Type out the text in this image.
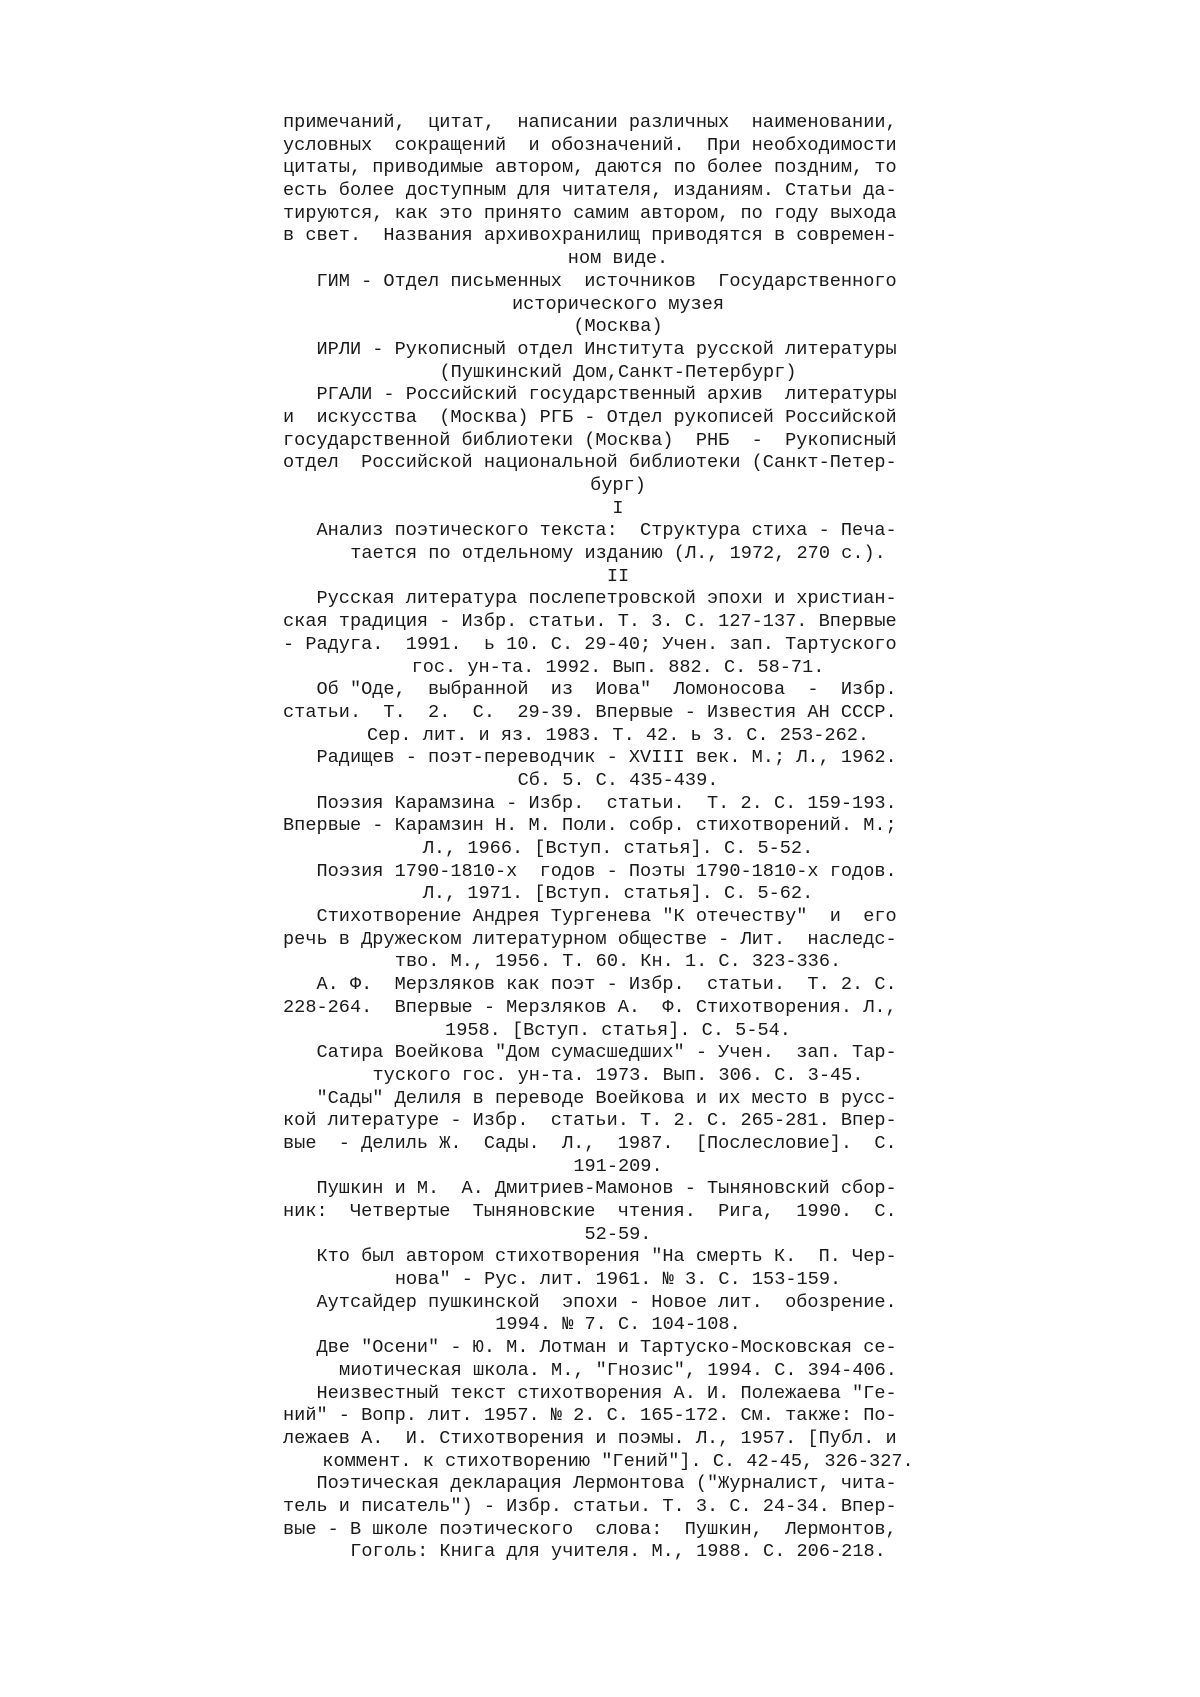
примечаний,  цитат,  написании различных  наименовании,
условных  сокращений  и обозначений.  При необходимости
цитаты, приводимые автором, даются по более поздним, то
есть более доступным для читателя, изданиям. Статьи да-
тируются, как это принято самим автором, по году выхода
в свет.  Названия архивохранилищ приводятся в современ-
ном виде.
ГИМ - Отдел письменных  источников  Государственного
исторического музея
(Москва)
ИРЛИ - Рукописный отдел Института русской литературы
(Пушкинский Дом,Санкт-Петербург)
РГАЛИ - Российский государственный архив  литературы
и  искусства  (Москва) РГБ - Отдел рукописей Российской
государственной библиотеки (Москва)  РНБ  -  Рукописный
отдел  Российской национальной библиотеки (Санкт-Петер-
бург)
I
Анализ поэтического текста:  Структура стиха - Печа-
тается по отдельному изданию (Л., 1972, 270 с.).
II
Русская литература послепетровской эпохи и христиан-
ская традиция - Избр. статьи. Т. 3. С. 127-137. Впервые
- Радуга.  1991.  ь 10. С. 29-40; Учен. зап. Тартуского
гос. ун-та. 1992. Вып. 882. С. 58-71.
Об "Оде,  выбранной  из  Иова"  Ломоносова  -  Избр.
статьи.  Т.  2.  С.  29-39. Впервые - Известия АН СССР.
Сер. лит. и яз. 1983. Т. 42. ь 3. С. 253-262.
Радищев - поэт-переводчик - XVIII век. М.; Л., 1962.
Сб. 5. С. 435-439.
Поэзия Карамзина - Избр.  статьи.  Т. 2. С. 159-193.
Впервые - Карамзин Н. М. Поли. собр. стихотворений. М.;
Л., 1966. [Вступ. статья]. С. 5-52.
Поэзия 1790-1810-х  годов - Поэты 1790-1810-х годов.
Л., 1971. [Вступ. статья]. С. 5-62.
Стихотворение Андрея Тургенева "К отечеству"  и  его
речь в Дружеском литературном обществе - Лит.  наследс-
тво. М., 1956. Т. 60. Кн. 1. С. 323-336.
А. Ф.  Мерзляков как поэт - Избр.  статьи.  Т. 2. С.
228-264.  Впервые - Мерзляков А.  Ф. Стихотворения. Л.,
1958. [Вступ. статья]. С. 5-54.
Сатира Воейкова "Дом сумасшедших" - Учен.  зап. Тар-
туского гос. ун-та. 1973. Вып. 306. С. 3-45.
"Сады" Делиля в переводе Воейкова и их место в русс-
кой литературе - Избр.  статьи. Т. 2. С. 265-281. Впер-
вые  - Делиль Ж.  Сады.  Л.,  1987.  [Послесловие].  С.
191-209.
Пушкин и М.  А. Дмитриев-Мамонов - Тыняновский сбор-
ник:  Четвертые  Тыняновские  чтения.  Рига,  1990.  С.
52-59.
Кто был автором стихотворения "На смерть К.  П. Чер-
нова" - Рус. лит. 1961. № 3. С. 153-159.
Аутсайдер пушкинской  эпохи - Новое лит.  обозрение.
1994. № 7. С. 104-108.
Две "Осени" - Ю. М. Лотман и Тартуско-Московская се-
миотическая школа. М., "Гнозис", 1994. С. 394-406.
Неизвестный текст стихотворения А. И. Полежаева "Ге-
ний" - Вопр. лит. 1957. № 2. С. 165-172. См. также: По-
лежаев А.  И. Стихотворения и поэмы. Л., 1957. [Публ. и
коммент. к стихотворению "Гений"]. С. 42-45, 326-327.
Поэтическая декларация Лермонтова ("Журналист, чита-
тель и писатель") - Избр. статьи. Т. 3. С. 24-34. Впер-
вые - В школе поэтического  слова:  Пушкин,  Лермонтов,
Гоголь: Книга для учителя. М., 1988. С. 206-218.
